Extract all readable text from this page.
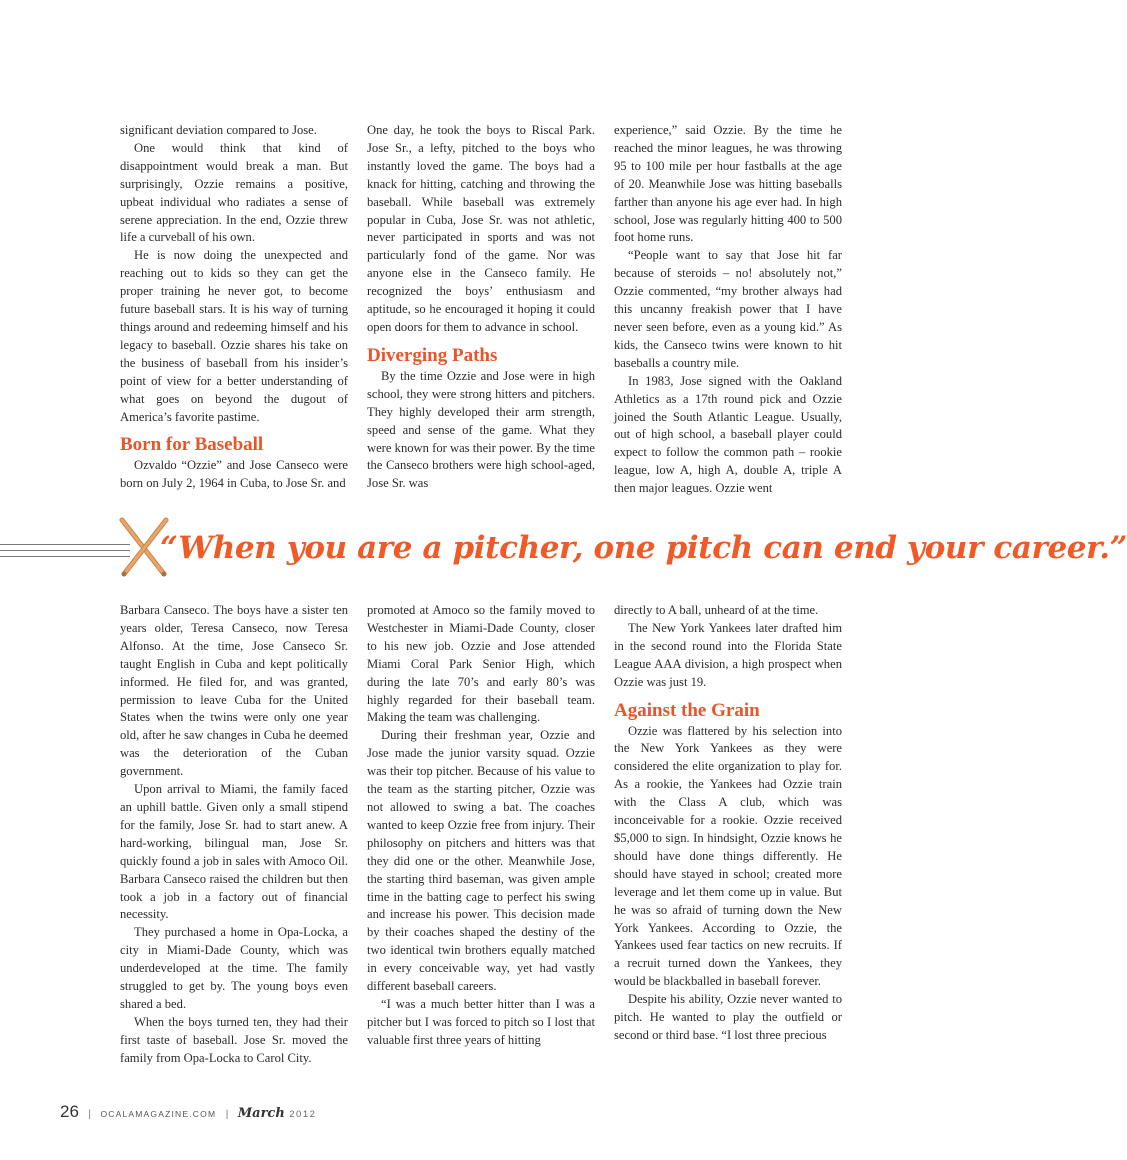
significant deviation compared to Jose.

One would think that kind of disappointment would break a man. But surprisingly, Ozzie remains a positive, upbeat individual who radiates a sense of serene appreciation. In the end, Ozzie threw life a curveball of his own.

He is now doing the unexpected and reaching out to kids so they can get the proper training he never got, to become future baseball stars. It is his way of turning things around and redeeming himself and his legacy to baseball. Ozzie shares his take on the business of baseball from his insider’s point of view for a better understanding of what goes on beyond the dugout of America’s favorite pastime.

Born for Baseball

Ozvaldo “Ozzie” and Jose Canseco were born on July 2, 1964 in Cuba, to Jose Sr. and

One day, he took the boys to Riscal Park. Jose Sr., a lefty, pitched to the boys who instantly loved the game. The boys had a knack for hitting, catching and throwing the baseball. While baseball was extremely popular in Cuba, Jose Sr. was not athletic, never participated in sports and was not particularly fond of the game. Nor was anyone else in the Canseco family. He recognized the boys’ enthusiasm and aptitude, so he encouraged it hoping it could open doors for them to advance in school.

Diverging Paths

By the time Ozzie and Jose were in high school, they were strong hitters and pitchers. They highly developed their arm strength, speed and sense of the game. What they were known for was their power. By the time the Canseco brothers were high school-aged, Jose Sr. was

experience,” said Ozzie. By the time he reached the minor leagues, he was throwing 95 to 100 mile per hour fastballs at the age of 20. Meanwhile Jose was hitting baseballs farther than anyone his age ever had. In high school, Jose was regularly hitting 400 to 500 foot home runs.

“People want to say that Jose hit far because of steroids – no! absolutely not,” Ozzie commented, “my brother always had this uncanny freakish power that I have never seen before, even as a young kid.” As kids, the Canseco twins were known to hit baseballs a country mile.

In 1983, Jose signed with the Oakland Athletics as a 17th round pick and Ozzie joined the South Atlantic League. Usually, out of high school, a baseball player could expect to follow the common path – rookie league, low A, high A, double A, triple A then major leagues. Ozzie went

“When you are a pitcher, one pitch can end your career.”

Barbara Canseco. The boys have a sister ten years older, Teresa Canseco, now Teresa Alfonso. At the time, Jose Canseco Sr. taught English in Cuba and kept politically informed. He filed for, and was granted, permission to leave Cuba for the United States when the twins were only one year old, after he saw changes in Cuba he deemed was the deterioration of the Cuban government.

Upon arrival to Miami, the family faced an uphill battle. Given only a small stipend for the family, Jose Sr. had to start anew. A hard-working, bilingual man, Jose Sr. quickly found a job in sales with Amoco Oil. Barbara Canseco raised the children but then took a job in a factory out of financial necessity.

They purchased a home in Opa-Locka, a city in Miami-Dade County, which was underdeveloped at the time. The family struggled to get by. The young boys even shared a bed.

When the boys turned ten, they had their first taste of baseball. Jose Sr. moved the family from Opa-Locka to Carol City.

promoted at Amoco so the family moved to Westchester in Miami-Dade County, closer to his new job. Ozzie and Jose attended Miami Coral Park Senior High, which during the late 70’s and early 80’s was highly regarded for their baseball team. Making the team was challenging.

During their freshman year, Ozzie and Jose made the junior varsity squad. Ozzie was their top pitcher. Because of his value to the team as the starting pitcher, Ozzie was not allowed to swing a bat. The coaches wanted to keep Ozzie free from injury. Their philosophy on pitchers and hitters was that they did one or the other. Meanwhile Jose, the starting third baseman, was given ample time in the batting cage to perfect his swing and increase his power. This decision made by their coaches shaped the destiny of the two identical twin brothers equally matched in every conceivable way, yet had vastly different baseball careers.

“I was a much better hitter than I was a pitcher but I was forced to pitch so I lost that valuable first three years of hitting

directly to A ball, unheard of at the time.

The New York Yankees later drafted him in the second round into the Florida State League AAA division, a high prospect when Ozzie was just 19.

Against the Grain

Ozzie was flattered by his selection into the New York Yankees as they were considered the elite organization to play for. As a rookie, the Yankees had Ozzie train with the Class A club, which was inconceivable for a rookie. Ozzie received $5,000 to sign. In hindsight, Ozzie knows he should have done things differently. He should have stayed in school; created more leverage and let them come up in value. But he was so afraid of turning down the New York Yankees. According to Ozzie, the Yankees used fear tactics on new recruits. If a recruit turned down the Yankees, they would be blackballed in baseball forever.

Despite his ability, Ozzie never wanted to pitch. He wanted to play the outfield or second or third base. “I lost three precious

26 | OCALAMAGAZINE.COM | March 2012
